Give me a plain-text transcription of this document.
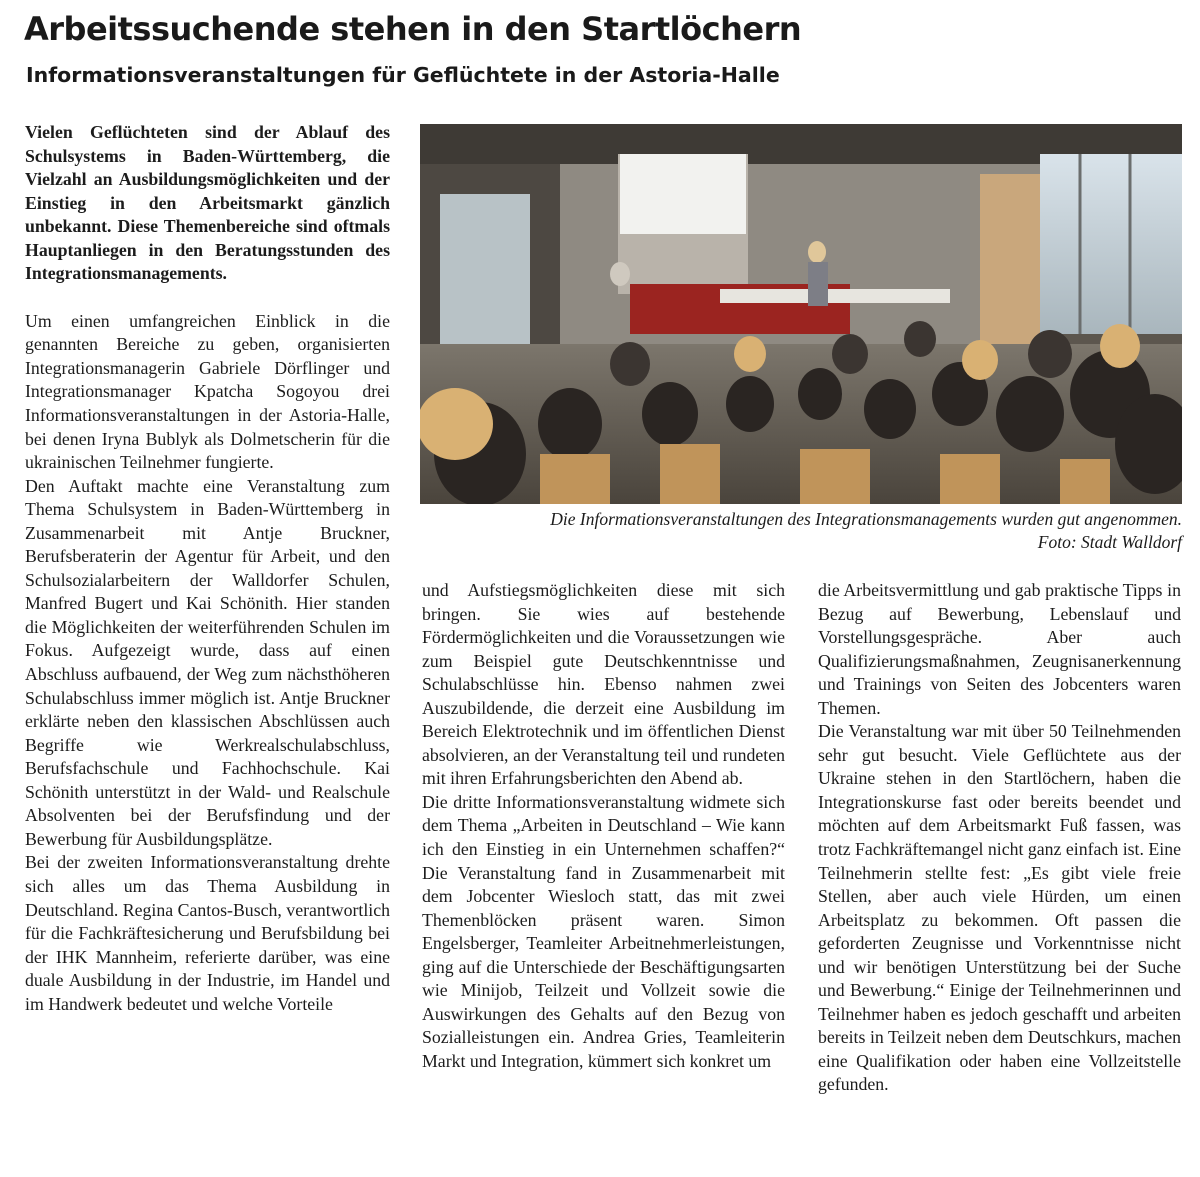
Arbeitssuchende stehen in den Startlöchern
Informationsveranstaltungen für Geflüchtete in der Astoria-Halle

Vielen Geflüchteten sind der Ablauf des Schulsystems in Baden-Württemberg, die Vielzahl an Ausbildungsmöglichkeiten und der Einstieg in den Arbeitsmarkt gänzlich unbekannt. Diese Themenbereiche sind oftmals Hauptanliegen in den Beratungsstunden des Integrationsmanagements.

Um einen umfangreichen Einblick in die genannten Bereiche zu geben, organisierten Integrationsmanagerin Gabriele Dörflinger und Integrationsmanager Kpatcha Sogoyou drei Informationsveranstaltungen in der Astoria-Halle, bei denen Iryna Bublyk als Dolmetscherin für die ukrainischen Teilnehmer fungierte.

Den Auftakt machte eine Veranstaltung zum Thema Schulsystem in Baden-Württemberg in Zusammenarbeit mit Antje Bruckner, Berufsberaterin der Agentur für Arbeit, und den Schulsozialarbeitern der Walldorfer Schulen, Manfred Bugert und Kai Schönith. Hier standen die Möglichkeiten der weiterführenden Schulen im Fokus. Aufgezeigt wurde, dass auf einen Abschluss aufbauend, der Weg zum nächsthöheren Schulabschluss immer möglich ist. Antje Bruckner erklärte neben den klassischen Abschlüssen auch Begriffe wie Werkrealschulabschluss, Berufsfachschule und Fachhochschule. Kai Schönith unterstützt in der Wald- und Realschule Absolventen bei der Berufsfindung und der Bewerbung für Ausbildungsplätze.

Bei der zweiten Informationsveranstaltung drehte sich alles um das Thema Ausbildung in Deutschland. Regina Cantos-Busch, verantwortlich für die Fachkräftesicherung und Berufsbildung bei der IHK Mannheim, referierte darüber, was eine duale Ausbildung in der Industrie, im Handel und im Handwerk bedeutet und welche Vorteile

Die Informationsveranstaltungen des Integrationsmanagements wurden gut angenommen.
Foto: Stadt Walldorf

und Aufstiegsmöglichkeiten diese mit sich bringen. Sie wies auf bestehende Fördermöglichkeiten und die Voraussetzungen wie zum Beispiel gute Deutschkenntnisse und Schulabschlüsse hin. Ebenso nahmen zwei Auszubildende, die derzeit eine Ausbildung im Bereich Elektrotechnik und im öffentlichen Dienst absolvieren, an der Veranstaltung teil und rundeten mit ihren Erfahrungsberichten den Abend ab.

Die dritte Informationsveranstaltung widmete sich dem Thema „Arbeiten in Deutschland – Wie kann ich den Einstieg in ein Unternehmen schaffen?“ Die Veranstaltung fand in Zusammenarbeit mit dem Jobcenter Wiesloch statt, das mit zwei Themenblöcken präsent waren. Simon Engelsberger, Teamleiter Arbeitnehmerleistungen, ging auf die Unterschiede der Beschäftigungsarten wie Minijob, Teilzeit und Vollzeit sowie die Auswirkungen des Gehalts auf den Bezug von Sozialleistungen ein. Andrea Gries, Teamleiterin Markt und Integration, kümmert sich konkret um

die Arbeitsvermittlung und gab praktische Tipps in Bezug auf Bewerbung, Lebenslauf und Vorstellungsgespräche. Aber auch Qualifizierungsmaßnahmen, Zeugnisanerkennung und Trainings von Seiten des Jobcenters waren Themen.

Die Veranstaltung war mit über 50 Teilnehmenden sehr gut besucht. Viele Geflüchtete aus der Ukraine stehen in den Startlöchern, haben die Integrationskurse fast oder bereits beendet und möchten auf dem Arbeitsmarkt Fuß fassen, was trotz Fachkräftemangel nicht ganz einfach ist. Eine Teilnehmerin stellte fest: „Es gibt viele freie Stellen, aber auch viele Hürden, um einen Arbeitsplatz zu bekommen. Oft passen die geforderten Zeugnisse und Vorkenntnisse nicht und wir benötigen Unterstützung bei der Suche und Bewerbung.“ Einige der Teilnehmerinnen und Teilnehmer haben es jedoch geschafft und arbeiten bereits in Teilzeit neben dem Deutschkurs, machen eine Qualifikation oder haben eine Vollzeitstelle gefunden.
